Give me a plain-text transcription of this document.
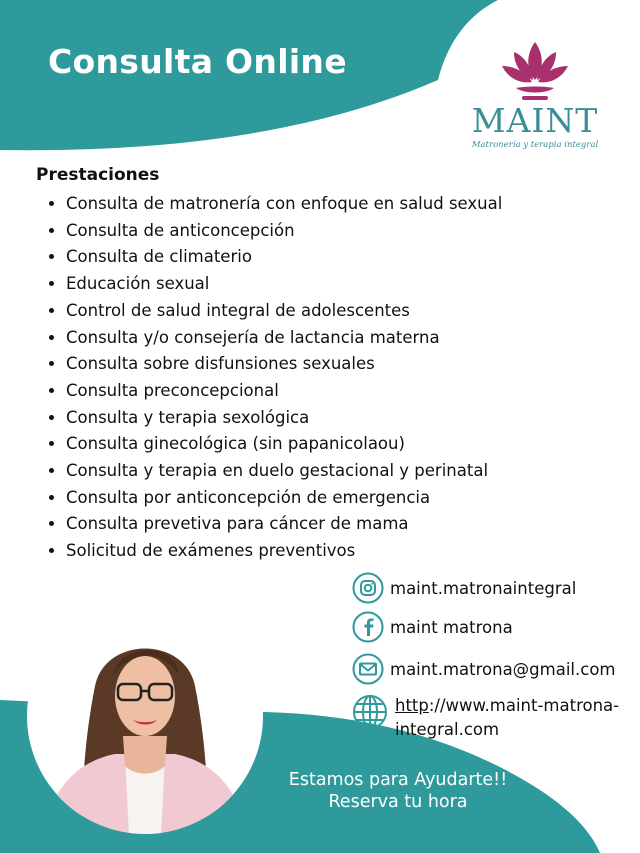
Consulta Online
MAINT
Matronería y terapia integral
Prestaciones
• Consulta de matronería con enfoque en salud sexual
• Consulta de anticoncepción
• Consulta de climaterio
• Educación sexual
• Control de salud integral de adolescentes
• Consulta y/o consejería de lactancia materna
• Consulta sobre disfunsiones sexuales
• Consulta preconcepcional
• Consulta y terapia sexológica
• Consulta ginecológica (sin papanicolaou)
• Consulta y terapia en duelo gestacional y perinatal
• Consulta por anticoncepción de emergencia
• Consulta prevetiva para cáncer de mama
• Solicitud de exámenes preventivos
maint.matronaintegral
maint matrona
maint.matrona@gmail.com
http://www.maint-matrona-integral.com
Estamos para Ayudarte!!
Reserva tu hora
